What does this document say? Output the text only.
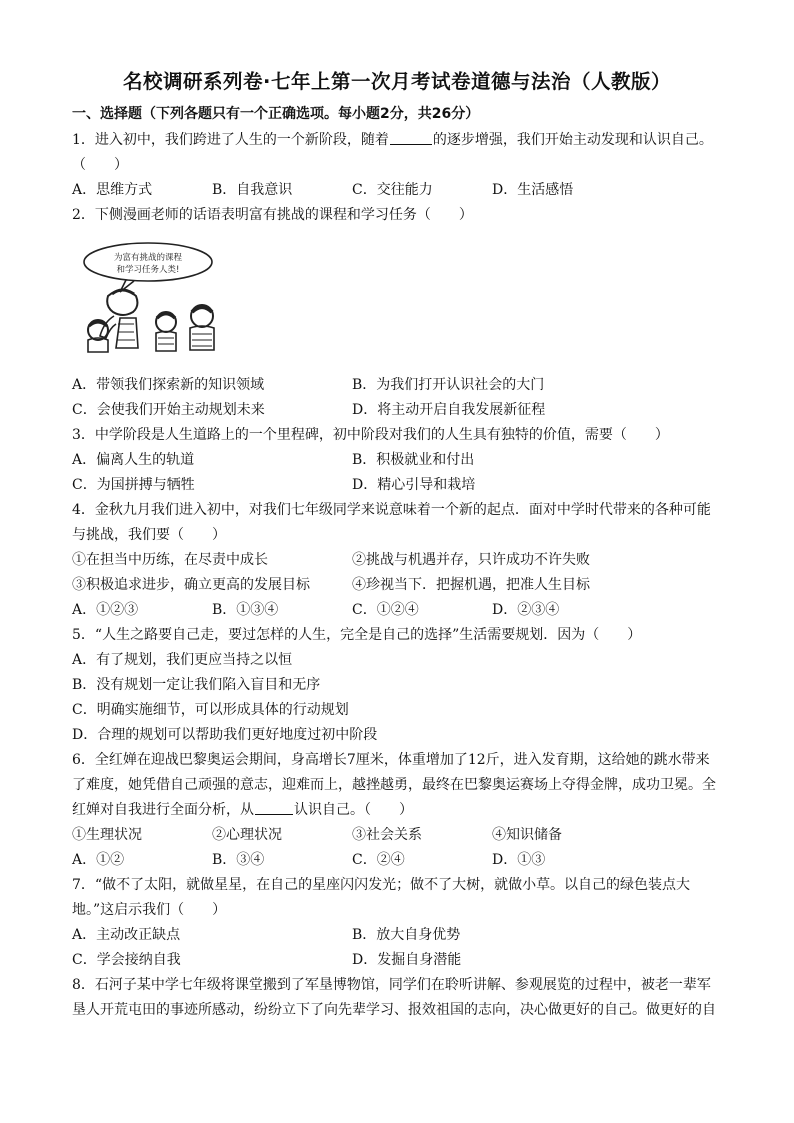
名校调研系列卷·七年上第一次月考试卷道德与法治（人教版）
一、选择题（下列各题只有一个正确选项。每小题2分，共26分）
1．进入初中，我们跨进了人生的一个新阶段，随着	的逐步增强，我们开始主动发现和认识自己。
（　　）
A．思维方式	B．自我意识	C．交往能力	D．生活感悟
2．下侧漫画老师的话语表明富有挑战的课程和学习任务（　　）
为富有挑战的课程
和学习任务人类!
A．带领我们探索新的知识领域	B．为我们打开认识社会的大门
C．会使我们开始主动规划未来	D．将主动开启自我发展新征程
3．中学阶段是人生道路上的一个里程碑，初中阶段对我们的人生具有独特的价值，需要（　　）
A．偏离人生的轨道	B．积极就业和付出
C．为国拼搏与牺牲	D．精心引导和栽培
4．金秋九月我们进入初中，对我们七年级同学来说意味着一个新的起点．面对中学时代带来的各种可能
与挑战，我们要（　　）
①在担当中历练，在尽责中成长	②挑战与机遇并存，只许成功不许失败
③积极追求进步，确立更高的发展目标	④珍视当下．把握机遇，把准人生目标
A．①②③	B．①③④	C．①②④	D．②③④
5．“人生之路要自己走，要过怎样的人生，完全是自己的选择”生活需要规划．因为（　　）
A．有了规划，我们更应当持之以恒
B．没有规划一定让我们陷入盲目和无序
C．明确实施细节，可以形成具体的行动规划
D．合理的规划可以帮助我们更好地度过初中阶段
6．全红婵在迎战巴黎奥运会期间，身高增长7厘米，体重增加了12斤，进入发育期，这给她的跳水带来
了难度，她凭借自己顽强的意志，迎难而上，越挫越勇，最终在巴黎奥运赛场上夺得金牌，成功卫冕。全
红婵对自我进行全面分析，从	认识自己。（　　）
①生理状况	②心理状况	③社会关系	④知识储备
A．①②	B．③④	C．②④	D．①③
7．“做不了太阳，就做星星，在自己的星座闪闪发光；做不了大树，就做小草。以自己的绿色装点大
地。”这启示我们（　　）
A．主动改正缺点	B．放大自身优势
C．学会接纳自我	D．发掘自身潜能
8．石河子某中学七年级将课堂搬到了军垦博物馆，同学们在聆听讲解、参观展览的过程中，被老一辈军
垦人开荒屯田的事迹所感动，纷纷立下了向先辈学习、报效祖国的志向，决心做更好的自己。做更好的自
